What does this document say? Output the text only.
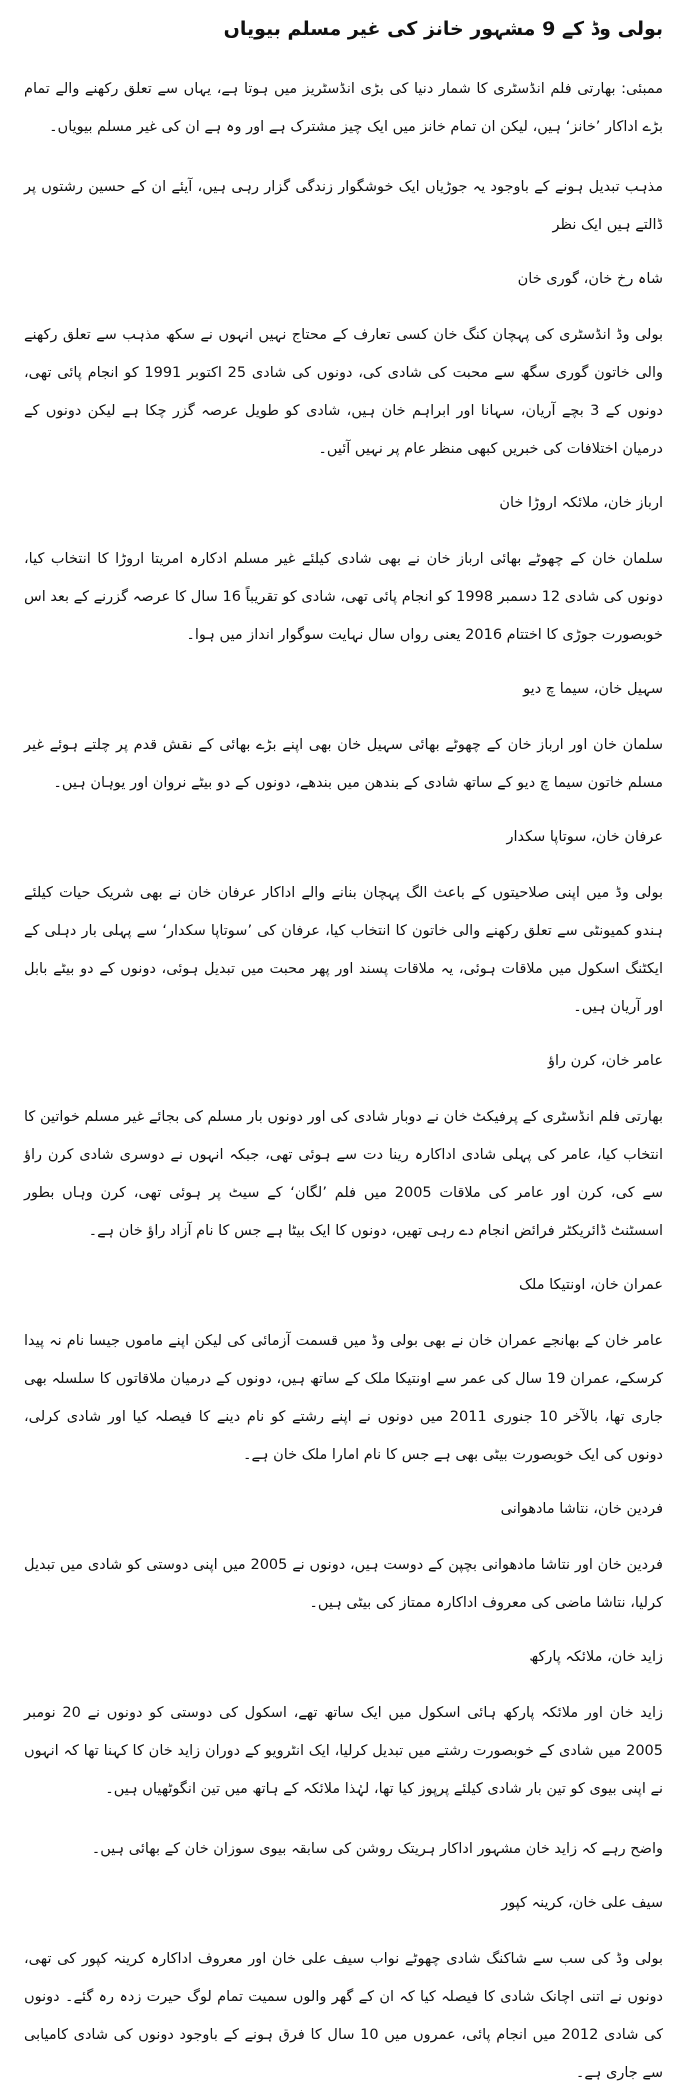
بولی وڈ کے 9 مشہور خانز کی غیر مسلم بیویاں

ممبئی: بھارتی فلم انڈسٹری کا شمار دنیا کی بڑی انڈسٹریز میں ہوتا ہے، یہاں سے تعلق رکھنے والے تمام بڑے اداکار ’خانز‘ ہیں، لیکن ان تمام خانز میں ایک چیز مشترک ہے اور وہ ہے ان کی غیر مسلم بیویاں۔

مذہب تبدیل ہونے کے باوجود یہ جوڑیاں ایک خوشگوار زندگی گزار رہی ہیں، آیئے ان کے حسین رشتوں پر ڈالتے ہیں ایک نظر

شاہ رخ خان، گوری خان

بولی وڈ انڈسٹری کی پہچان کنگ خان کسی تعارف کے محتاج نہیں انہوں نے سکھ مذہب سے تعلق رکھنے والی خاتون گوری سگھ سے محبت کی شادی کی، دونوں کی شادی 25 اکتوبر 1991 کو انجام پائی تھی، دونوں کے 3 بچے آریان، سہانا اور ابراہم خان ہیں، شادی کو طویل عرصہ گزر چکا ہے لیکن دونوں کے درمیان اختلافات کی خبریں کبھی منظر عام پر نہیں آئیں۔

ارباز خان، ملائکہ اروڑا خان

سلمان خان کے چھوٹے بھائی ارباز خان نے بھی شادی کیلئے غیر مسلم ادکارہ امریتا اروڑا کا انتخاب کیا، دونوں کی شادی 12 دسمبر 1998 کو انجام پائی تھی، شادی کو تقریباً 16 سال کا عرصہ گزرنے کے بعد اس خوبصورت جوڑی کا اختتام 2016 یعنی رواں سال نہایت سوگوار انداز میں ہوا۔

سہیل خان، سیما چ دیو

سلمان خان اور ارباز خان کے چھوٹے بھائی سہیل خان بھی اپنے بڑے بھائی کے نقش قدم پر چلتے ہوئے غیر مسلم خاتون سیما چ دیو کے ساتھ شادی کے بندھن میں بندھے، دونوں کے دو بیٹے نروان اور یوہان ہیں۔

عرفان خان، سوتاپا سکدار

بولی وڈ میں اپنی صلاحیتوں کے باعث الگ پہچان بنانے والے اداکار عرفان خان نے بھی شریک حیات کیلئے ہندو کمیونٹی سے تعلق رکھنے والی خاتون کا انتخاب کیا، عرفان کی ’سوتاپا سکدار‘ سے پہلی بار دہلی کے ایکٹنگ اسکول میں ملاقات ہوئی، یہ ملاقات پسند اور پھر محبت میں تبدیل ہوئی، دونوں کے دو بیٹے بابل اور آریان ہیں۔

عامر خان، کرن راؤ

بھارتی فلم انڈسٹری کے پرفیکٹ خان نے دوبار شادی کی اور دونوں بار مسلم کی بجائے غیر مسلم خواتین کا انتخاب کیا، عامر کی پہلی شادی اداکارہ رینا دت سے ہوئی تھی، جبکہ انہوں نے دوسری شادی کرن راؤ سے کی، کرن اور عامر کی ملاقات 2005 میں فلم ’لگان‘ کے سیٹ پر ہوئی تھی، کرن وہاں بطور اسسٹنٹ ڈائریکٹر فرائض انجام دے رہی تھیں، دونوں کا ایک بیٹا ہے جس کا نام آزاد راؤ خان ہے۔

عمران خان، اونتیکا ملک

عامر خان کے بھانجے عمران خان نے بھی بولی وڈ میں قسمت آزمائی کی لیکن اپنے ماموں جیسا نام نہ پیدا کرسکے، عمران 19 سال کی عمر سے اونتیکا ملک کے ساتھ ہیں، دونوں کے درمیان ملاقاتوں کا سلسلہ بھی جاری تھا، بالآخر 10 جنوری 2011 میں دونوں نے اپنے رشتے کو نام دینے کا فیصلہ کیا اور شادی کرلی، دونوں کی ایک خوبصورت بیٹی بھی ہے جس کا نام امارا ملک خان ہے۔

فردین خان، نتاشا مادھوانی

فردین خان اور نتاشا مادھوانی بچپن کے دوست ہیں، دونوں نے 2005 میں اپنی دوستی کو شادی میں تبدیل کرلیا، نتاشا ماضی کی معروف اداکارہ ممتاز کی بیٹی ہیں۔

زاید خان، ملائکہ پارکھ

زاید خان اور ملائکہ پارکھ ہائی اسکول میں ایک ساتھ تھے، اسکول کی دوستی کو دونوں نے 20 نومبر 2005 میں شادی کے خوبصورت رشتے میں تبدیل کرلیا، ایک انٹرویو کے دوران زاید خان کا کہنا تھا کہ انہوں نے اپنی بیوی کو تین بار شادی کیلئے پرپوز کیا تھا، لہٰذا ملائکہ کے ہاتھ میں تین انگوٹھیاں ہیں۔

واضح رہے کہ زاید خان مشہور اداکار ہریتک روشن کی سابقہ بیوی سوزان خان کے بھائی ہیں۔

سیف علی خان، کرینہ کپور

بولی وڈ کی سب سے شاکنگ شادی چھوٹے نواب سیف علی خان اور معروف اداکارہ کرینہ کپور کی تھی، دونوں نے اتنی اچانک شادی کا فیصلہ کیا کہ ان کے گھر والوں سمیت تمام لوگ حیرت زدہ رہ گئے۔ دونوں کی شادی 2012 میں انجام پائی، عمروں میں 10 سال کا فرق ہونے کے باوجود دونوں کی شادی کامیابی سے جاری ہے۔
